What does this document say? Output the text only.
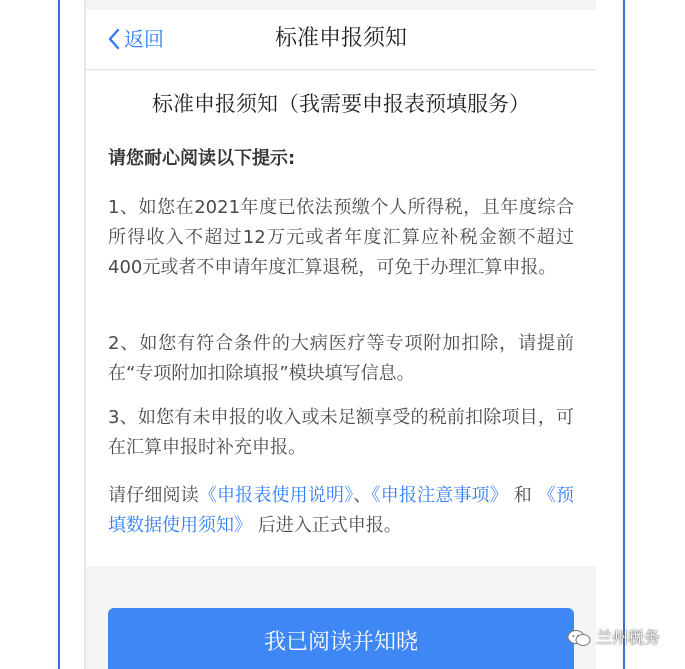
返回	标准申报须知
标准申报须知（我需要申报表预填服务）
请您耐心阅读以下提示:
1、如您在2021年度已依法预缴个人所得税，且年度综合所得收入不超过12万元或者年度汇算应补税金额不超过400元或者不申请年度汇算退税，可免于办理汇算申报。
2、如您有符合条件的大病医疗等专项附加扣除，请提前在“专项附加扣除填报”模块填写信息。
3、如您有未申报的收入或未足额享受的税前扣除项目，可在汇算申报时补充申报。
请仔细阅读《申报表使用说明》、《申报注意事项》 和 《预填数据使用须知》 后进入正式申报。
我已阅读并知晓	兰州税务
